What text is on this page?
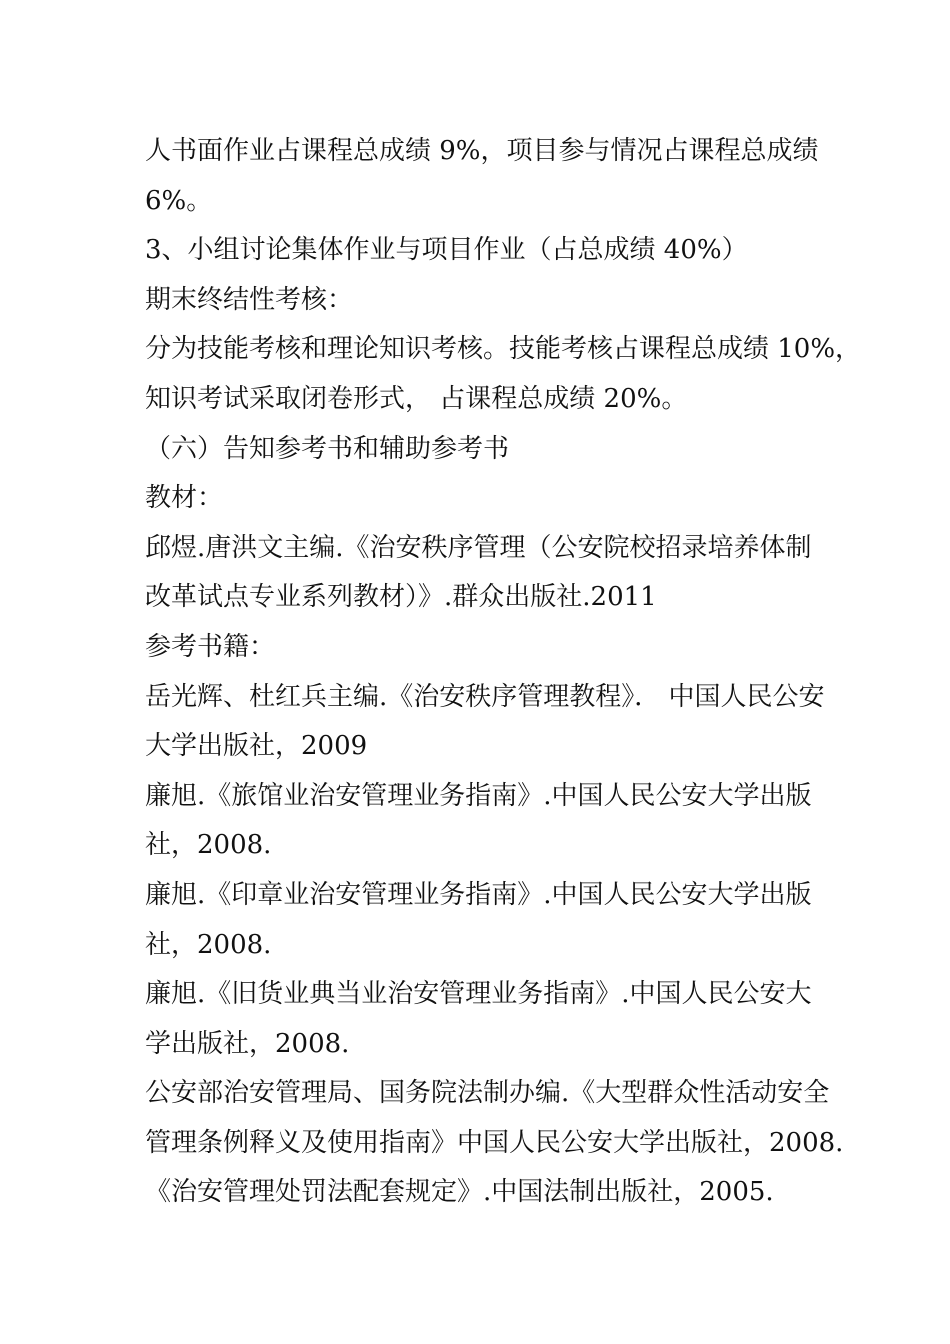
人书面作业占课程总成绩 9%，项目参与情况占课程总成绩
6%。
3、小组讨论集体作业与项目作业（占总成绩 40%）
期末终结性考核：
分为技能考核和理论知识考核。技能考核占课程总成绩 10%，
知识考试采取闭卷形式， 占课程总成绩 20%。
（六）告知参考书和辅助参考书
教材：
邱煜.唐洪文主编.《治安秩序管理（公安院校招录培养体制
改革试点专业系列教材）》.群众出版社.2011
参考书籍：
岳光辉、杜红兵主编.《治安秩序管理教程》． 中国人民公安
大学出版社，2009
廉旭.《旅馆业治安管理业务指南》.中国人民公安大学出版
社，2008.
廉旭.《印章业治安管理业务指南》.中国人民公安大学出版
社，2008.
廉旭.《旧货业典当业治安管理业务指南》.中国人民公安大
学出版社，2008.
公安部治安管理局、国务院法制办编.《大型群众性活动安全
管理条例释义及使用指南》中国人民公安大学出版社，2008.
《治安管理处罚法配套规定》.中国法制出版社，2005.
